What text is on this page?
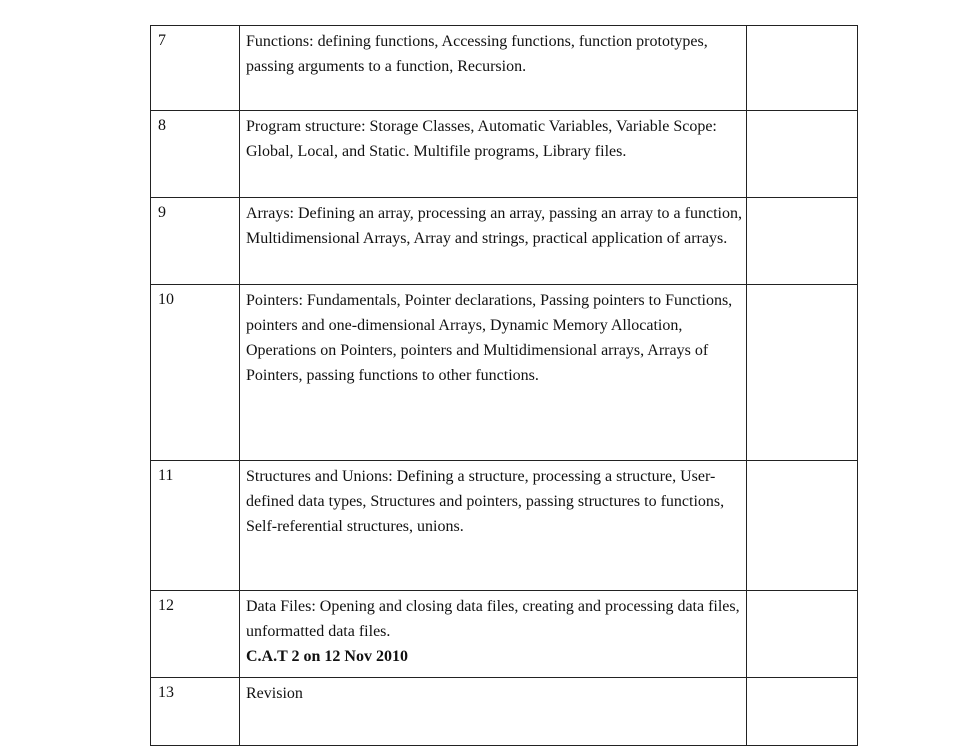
7	Functions: defining functions, Accessing functions, function prototypes, passing arguments to a function, Recursion.	
8	Program structure: Storage Classes, Automatic Variables, Variable Scope: Global, Local, and Static. Multifile programs, Library files.	
9	Arrays: Defining an array, processing an array, passing an array to a function, Multidimensional Arrays, Array and strings, practical application of arrays.	
10	Pointers: Fundamentals, Pointer declarations, Passing pointers to Functions, pointers and one-dimensional Arrays, Dynamic Memory Allocation, Operations on Pointers, pointers and Multidimensional arrays, Arrays of Pointers, passing functions to other functions.	
11	Structures and Unions: Defining a structure, processing a structure, User-defined data types, Structures and pointers, passing structures to functions, Self-referential structures, unions.	
12	Data Files: Opening and closing data files, creating and processing data files, unformatted data files.
C.A.T 2 on 12 Nov 2010	

13	Revision	
